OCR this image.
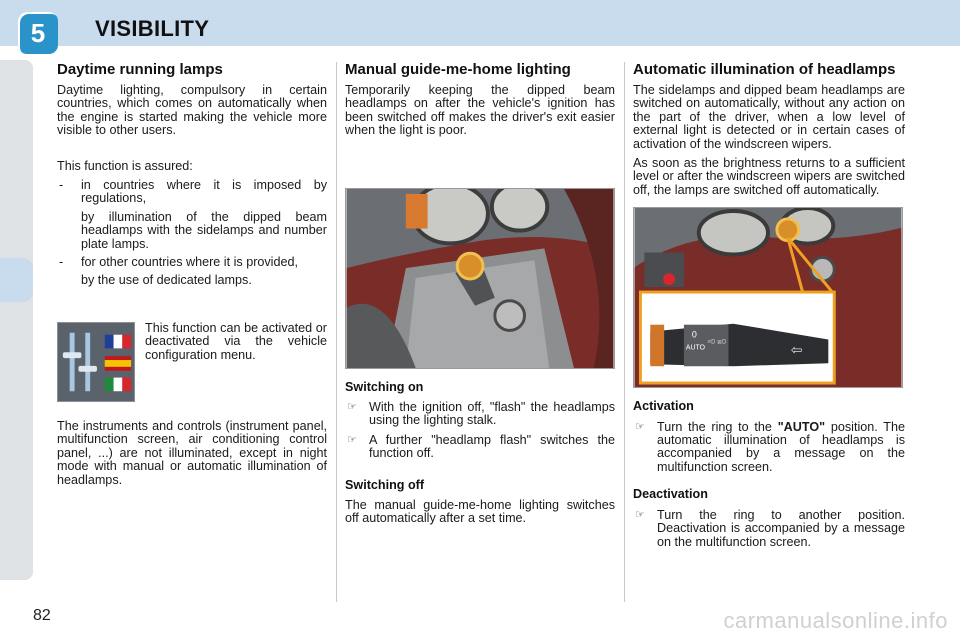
5	VISIBILITY
Daytime running lamps

Daytime lighting, compulsory in certain countries, which comes on automatically when the engine is started making the vehicle more visible to other users.

This function is assured:

- in countries where it is imposed by regulations,
by illumination of the dipped beam headlamps with the sidelamps and number plate lamps.
- for other countries where it is provided,
by the use of dedicated lamps.
This function can be activated or deactivated via the vehicle configuration menu.

The instruments and controls (instrument panel, multifunction screen, air conditioning control panel, ...) are not illuminated, except in night mode with manual or automatic illumination of headlamps.

Manual guide-me-home lighting

Temporarily keeping the dipped beam headlamps on after the vehicle's ignition has been switched off makes the driver's exit easier when the light is poor.

Switching on
☞ With the ignition off, "flash" the headlamps using the lighting stalk.
☞ A further "headlamp flash" switches the function off.
Switching off

The manual guide-me-home lighting switches off automatically after a set time.

Automatic illumination of headlamps

The sidelamps and dipped beam headlamps are switched on automatically, without any action on the part of the driver, when a low level of external light is detected or in certain cases of activation of the windscreen wipers.

As soon as the brightness returns to a sufficient level or after the windscreen wipers are switched off, the lamps are switched off automatically.

0
AUTO
≡D ≣D	⇦
Activation
☞ Turn the ring to the "AUTO" position. The automatic illumination of headlamps is accompanied by a message on the multifunction screen.
Deactivation
☞ Turn the ring to another position. Deactivation is accompanied by a message on the multifunction screen.
82	carmanualsonline.info
